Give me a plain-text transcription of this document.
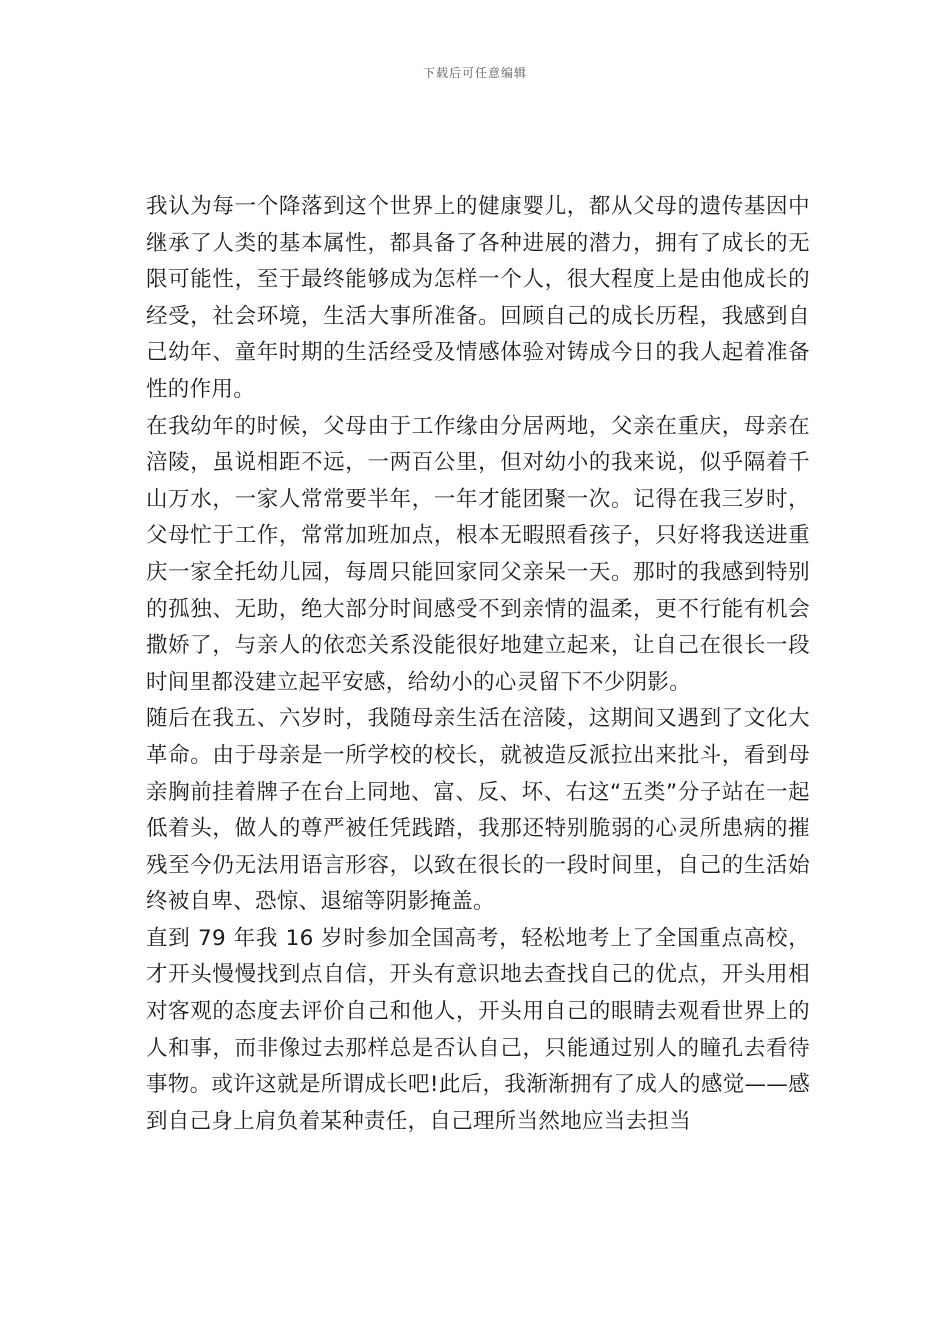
下载后可任意编辑

我认为每一个降落到这个世界上的健康婴儿，都从父母的遗传基因中继承了人类的基本属性，都具备了各种进展的潜力，拥有了成长的无限可能性，至于最终能够成为怎样一个人，很大程度上是由他成长的经受，社会环境，生活大事所准备。回顾自己的成长历程，我感到自己幼年、童年时期的生活经受及情感体验对铸成今日的我人起着准备性的作用。

在我幼年的时候，父母由于工作缘由分居两地，父亲在重庆，母亲在涪陵，虽说相距不远，一两百公里，但对幼小的我来说，似乎隔着千山万水，一家人常常要半年，一年才能团聚一次。记得在我三岁时，父母忙于工作，常常加班加点，根本无暇照看孩子，只好将我送进重庆一家全托幼儿园，每周只能回家同父亲呆一天。那时的我感到特别的孤独、无助，绝大部分时间感受不到亲情的温柔，更不行能有机会撒娇了，与亲人的依恋关系没能很好地建立起来，让自己在很长一段时间里都没建立起平安感，给幼小的心灵留下不少阴影。

随后在我五、六岁时，我随母亲生活在涪陵，这期间又遇到了文化大革命。由于母亲是一所学校的校长，就被造反派拉出来批斗，看到母亲胸前挂着牌子在台上同地、富、反、坏、右这“五类”分子站在一起低着头，做人的尊严被任凭践踏，我那还特别脆弱的心灵所患病的摧残至今仍无法用语言形容，以致在很长的一段时间里，自己的生活始终被自卑、恐惊、退缩等阴影掩盖。

直到 79 年我 16 岁时参加全国高考，轻松地考上了全国重点高校，才开头慢慢找到点自信，开头有意识地去查找自己的优点，开头用相对客观的态度去评价自己和他人，开头用自己的眼睛去观看世界上的人和事，而非像过去那样总是否认自己，只能通过别人的瞳孔去看待事物。或许这就是所谓成长吧!此后，我渐渐拥有了成人的感觉——感到自己身上肩负着某种责任，自己理所当然地应当去担当
